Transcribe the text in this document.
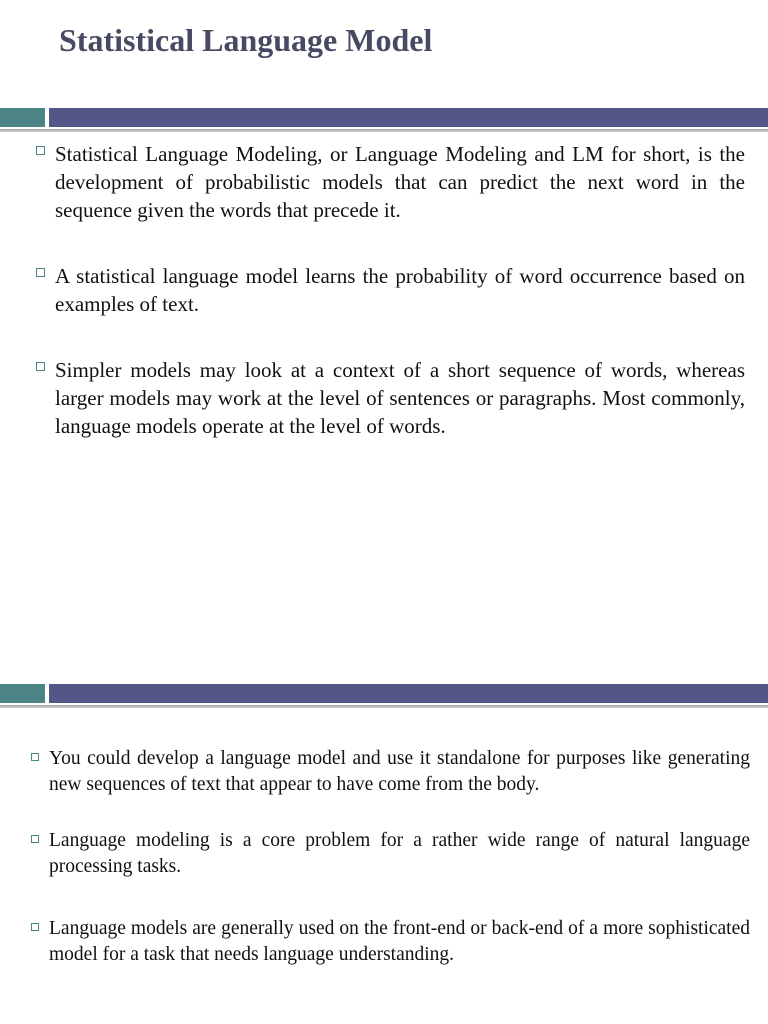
Statistical Language Model
Statistical Language Modeling, or Language Modeling and LM for short, is the development of probabilistic models that can predict the next word in the sequence given the words that precede it.
A statistical language model learns the probability of word occurrence based on examples of text.
Simpler models may look at a context of a short sequence of words, whereas larger models may work at the level of sentences or paragraphs. Most commonly, language models operate at the level of words.
You could develop a language model and use it standalone for purposes like generating new sequences of text that appear to have come from the body.
Language modeling is a core problem for a rather wide range of natural language processing tasks.
Language models are generally used on the front-end or back-end of a more sophisticated model for a task that needs language understanding.
